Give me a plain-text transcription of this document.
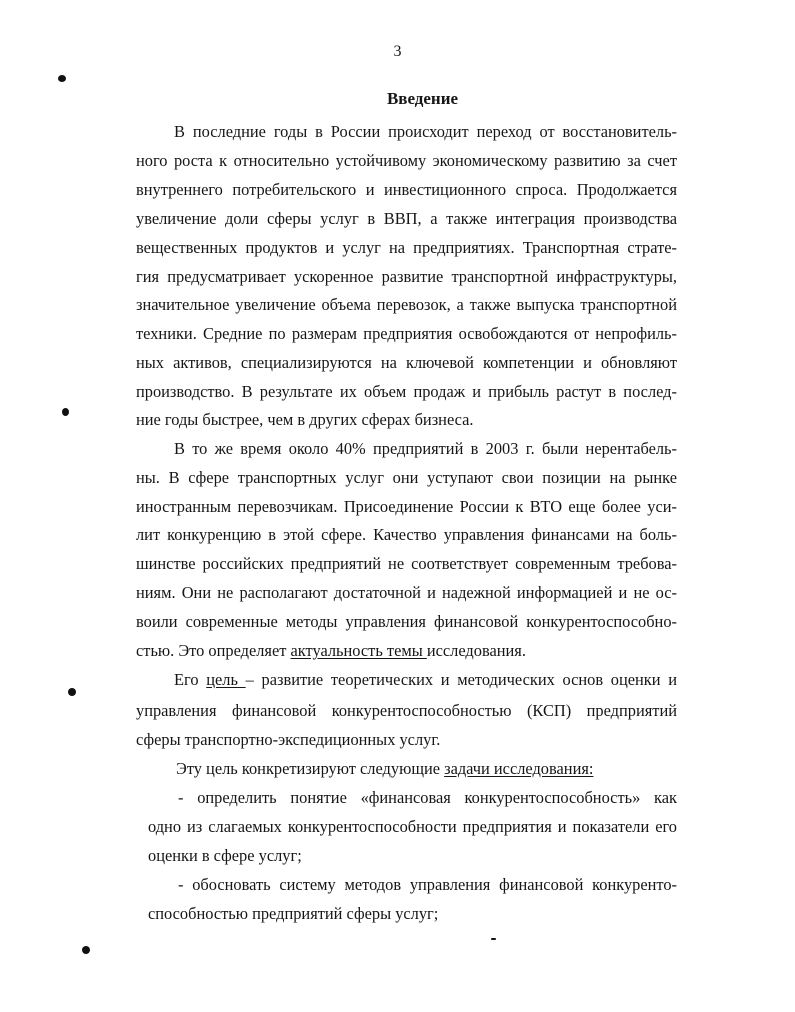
3
Введение
В последние годы в России происходит переход от восстановитель-
ного роста к относительно устойчивому экономическому развитию за счет
внутреннего потребительского и инвестиционного спроса. Продолжается
увеличение доли сферы услуг в ВВП, а также интеграция производства
вещественных продуктов и услуг на предприятиях. Транспортная страте-
гия предусматривает ускоренное развитие транспортной инфраструктуры,
значительное увеличение объема перевозок, а также выпуска транспортной
техники. Средние по размерам предприятия освобождаются от непрофиль-
ных активов, специализируются на ключевой компетенции и обновляют
производство. В результате их объем продаж и прибыль растут в послед-
ние годы быстрее, чем в других сферах бизнеса.
В то же время около 40% предприятий в 2003 г. были нерентабель-
ны. В сфере транспортных услуг они уступают свои позиции на рынке
иностранным перевозчикам. Присоединение России к ВТО еще более уси-
лит конкуренцию в этой сфере. Качество управления финансами на боль-
шинстве российских предприятий не соответствует современным требова-
ниям. Они не располагают достаточной и надежной информацией и не ос-
воили современные методы управления финансовой конкурентоспособно-
стью. Это определяет актуальность темы исследования.
Его цель – развитие теоретических и методических основ оценки и
управления финансовой конкурентоспособностью (КСП) предприятий
сферы транспортно-экспедиционных услуг.
Эту цель конкретизируют следующие задачи исследования:
- определить понятие «финансовая конкурентоспособность» как
одно из слагаемых конкурентоспособности предприятия и показатели его
оценки в сфере услуг;
- обосновать систему методов управления финансовой конкуренто-
способностью предприятий сферы услуг;
